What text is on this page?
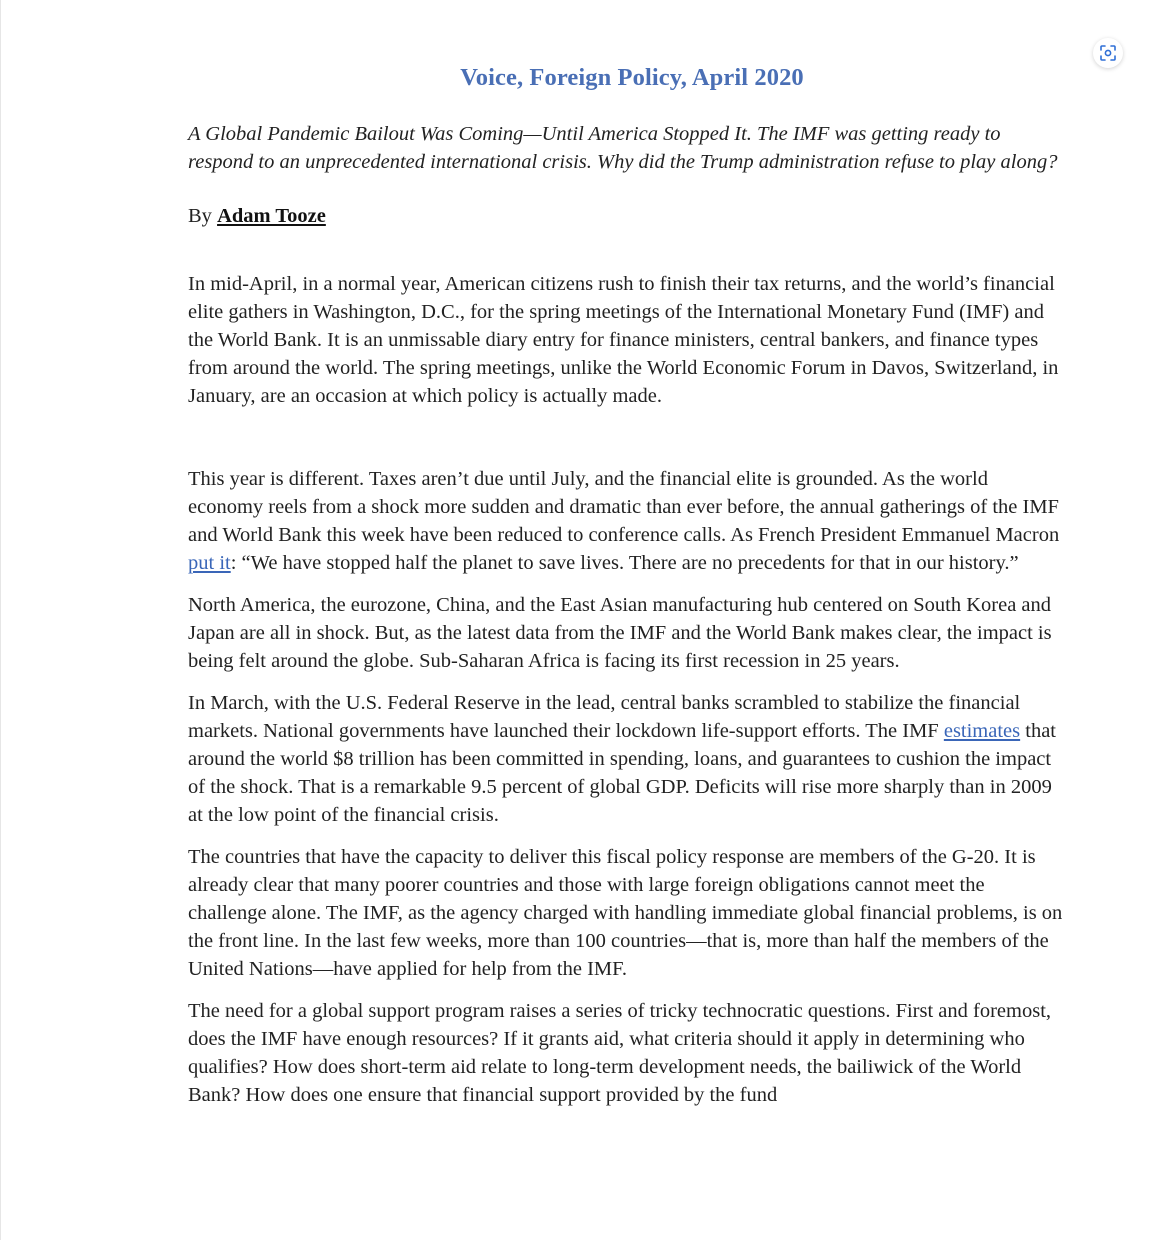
Voice, Foreign Policy, April 2020

A Global Pandemic Bailout Was Coming—Until America Stopped It. The IMF was getting ready to respond to an unprecedented international crisis. Why did the Trump administration refuse to play along?

By Adam Tooze

In mid-April, in a normal year, American citizens rush to finish their tax returns, and the world’s financial elite gathers in Washington, D.C., for the spring meetings of the International Monetary Fund (IMF) and the World Bank. It is an unmissable diary entry for finance ministers, central bankers, and finance types from around the world. The spring meetings, unlike the World Economic Forum in Davos, Switzerland, in January, are an occasion at which policy is actually made.

This year is different. Taxes aren’t due until July, and the financial elite is grounded. As the world economy reels from a shock more sudden and dramatic than ever before, the annual gatherings of the IMF and World Bank this week have been reduced to conference calls. As French President Emmanuel Macron put it: “We have stopped half the planet to save lives. There are no precedents for that in our history.”

North America, the eurozone, China, and the East Asian manufacturing hub centered on South Korea and Japan are all in shock. But, as the latest data from the IMF and the World Bank makes clear, the impact is being felt around the globe. Sub-Saharan Africa is facing its first recession in 25 years.

In March, with the U.S. Federal Reserve in the lead, central banks scrambled to stabilize the financial markets. National governments have launched their lockdown life-support efforts. The IMF estimates that around the world $8 trillion has been committed in spending, loans, and guarantees to cushion the impact of the shock. That is a remarkable 9.5 percent of global GDP. Deficits will rise more sharply than in 2009 at the low point of the financial crisis.

The countries that have the capacity to deliver this fiscal policy response are members of the G-20. It is already clear that many poorer countries and those with large foreign obligations cannot meet the challenge alone. The IMF, as the agency charged with handling immediate global financial problems, is on the front line. In the last few weeks, more than 100 countries—that is, more than half the members of the United Nations—have applied for help from the IMF.

The need for a global support program raises a series of tricky technocratic questions. First and foremost, does the IMF have enough resources? If it grants aid, what criteria should it apply in determining who qualifies? How does short-term aid relate to long-term development needs, the bailiwick of the World Bank? How does one ensure that financial support provided by the fund
